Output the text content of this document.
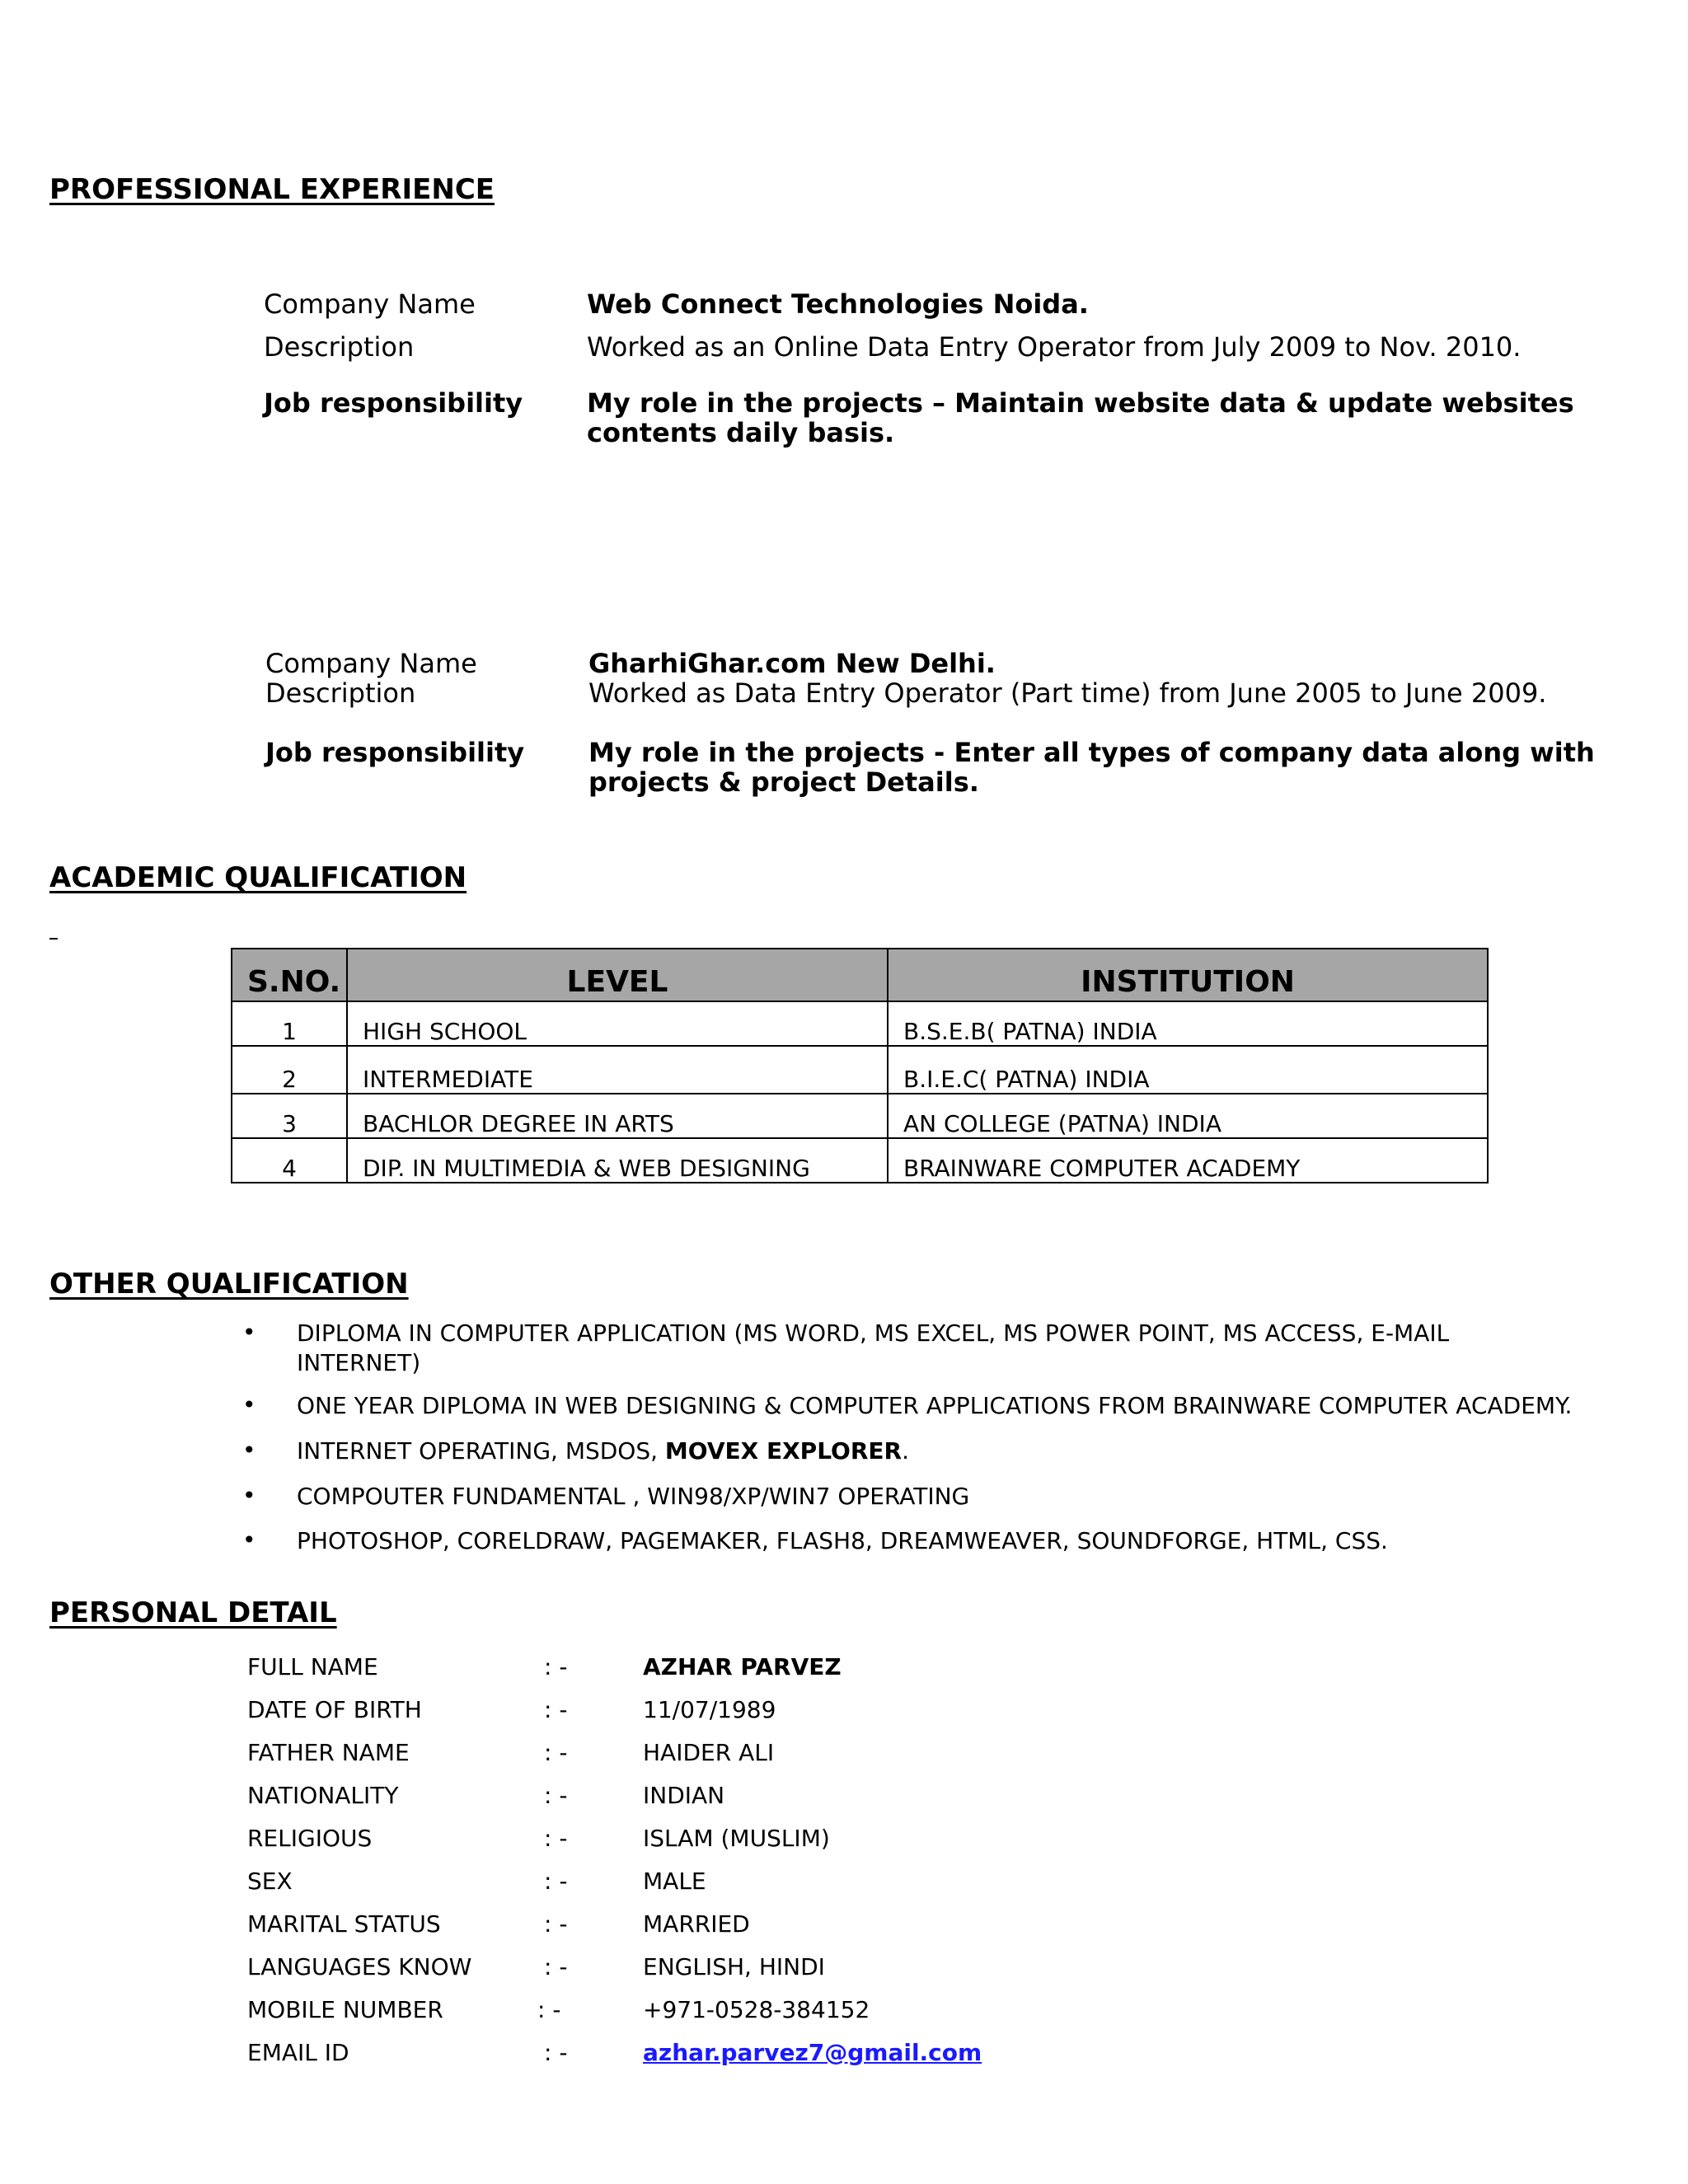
PROFESSIONAL EXPERIENCE
Company Name	Web Connect Technologies Noida.
Description	Worked as an Online Data Entry Operator from July 2009 to Nov. 2010.
Job responsibility My role in the projects – Maintain website data & update websites
contents daily basis.
Company Name	GharhiGhar.com New Delhi.
Description	Worked as Data Entry Operator (Part time) from June 2005 to June 2009.
Job responsibility My role in the projects - Enter all types of company data along with
projects & project Details.
ACADEMIC QUALIFICATION
S.NO.	LEVEL	INSTITUTION
1	HIGH SCHOOL	B.S.E.B( PATNA) INDIA
2	INTERMEDIATE	B.I.E.C( PATNA) INDIA
3	BACHLOR DEGREE IN ARTS	AN COLLEGE (PATNA) INDIA
4	DIP. IN MULTIMEDIA & WEB DESIGNING	BRAINWARE COMPUTER ACADEMY
OTHER QUALIFICATION
• DIPLOMA IN COMPUTER APPLICATION (MS WORD, MS EXCEL, MS POWER POINT, MS ACCESS, E-MAIL INTERNET)
• ONE YEAR DIPLOMA IN WEB DESIGNING & COMPUTER APPLICATIONS FROM BRAINWARE COMPUTER ACADEMY.
• INTERNET OPERATING, MSDOS, MOVEX EXPLORER.
• COMPOUTER FUNDAMENTAL , WIN98/XP/WIN7 OPERATING
• PHOTOSHOP, CORELDRAW, PAGEMAKER, FLASH8, DREAMWEAVER, SOUNDFORGE, HTML, CSS.
PERSONAL DETAIL
FULL NAME	: -	AZHAR PARVEZ
DATE OF BIRTH	: -	11/07/1989
FATHER NAME	: -	HAIDER ALI
NATIONALITY	: -	INDIAN
RELIGIOUS	: -	ISLAM (MUSLIM)
SEX	: -	MALE
MARITAL STATUS	: -	MARRIED
LANGUAGES KNOW	: -	ENGLISH, HINDI
MOBILE NUMBER	: -	+971-0528-384152
EMAIL ID	: -	azhar.parvez7@gmail.com
